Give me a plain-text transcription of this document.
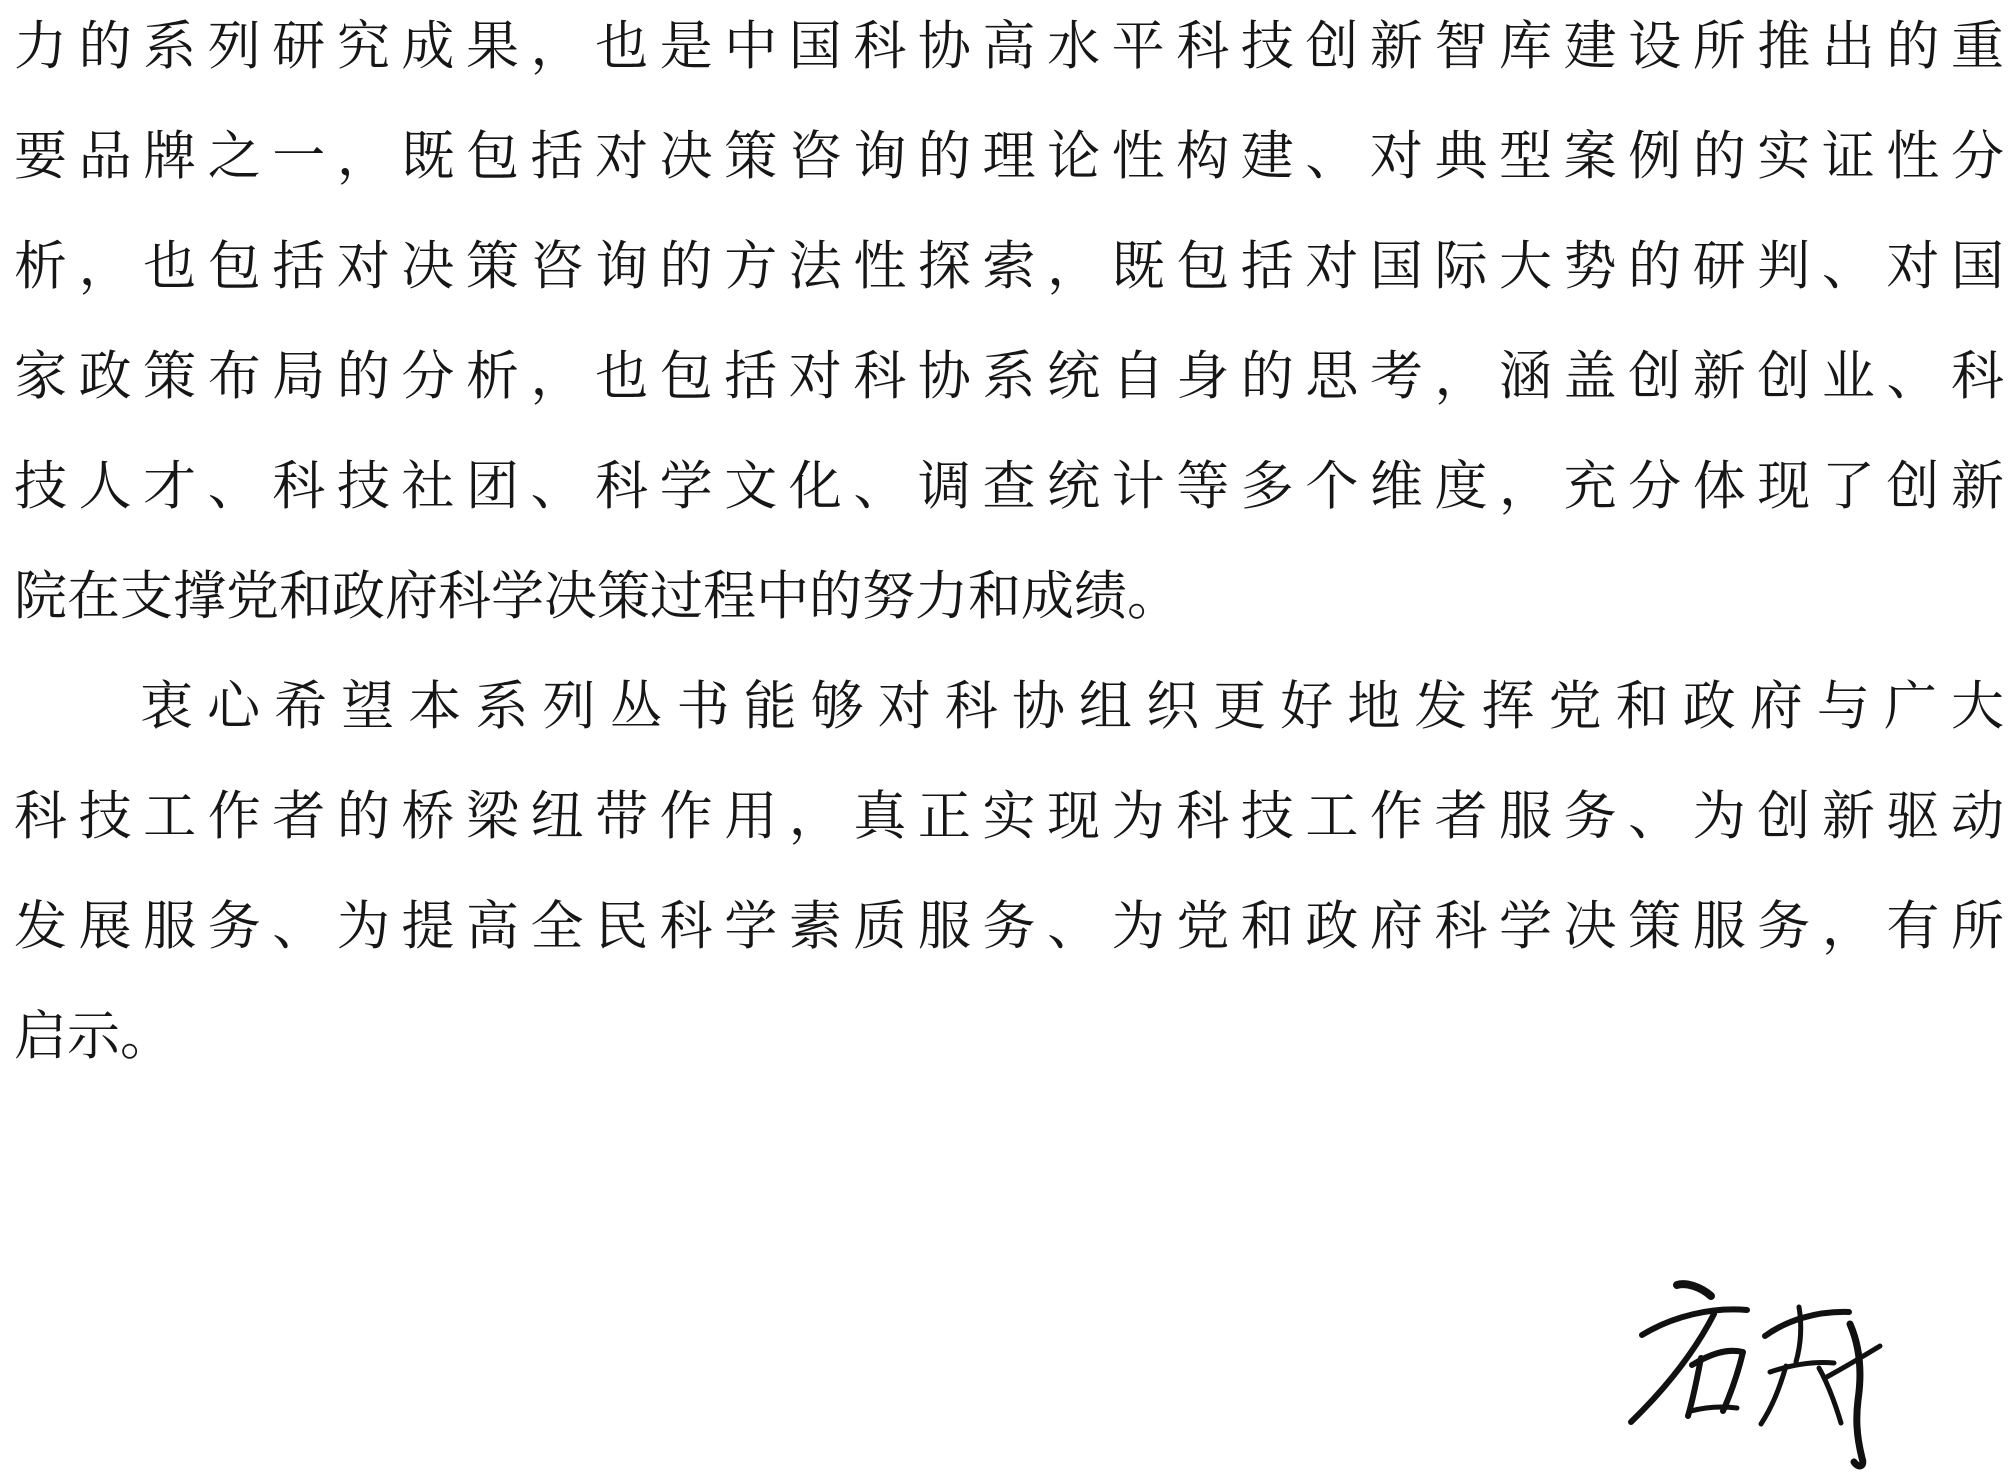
力的系列研究成果，也是中国科协高水平科技创新智库建设所推出的重
要品牌之一，既包括对决策咨询的理论性构建、对典型案例的实证性分
析，也包括对决策咨询的方法性探索，既包括对国际大势的研判、对国
家政策布局的分析，也包括对科协系统自身的思考，涵盖创新创业、科
技人才、科技社团、科学文化、调查统计等多个维度，充分体现了创新
院在支撑党和政府科学决策过程中的努力和成绩。
衷心希望本系列丛书能够对科协组织更好地发挥党和政府与广大
科技工作者的桥梁纽带作用，真正实现为科技工作者服务、为创新驱动
发展服务、为提高全民科学素质服务、为党和政府科学决策服务，有所
启示。
